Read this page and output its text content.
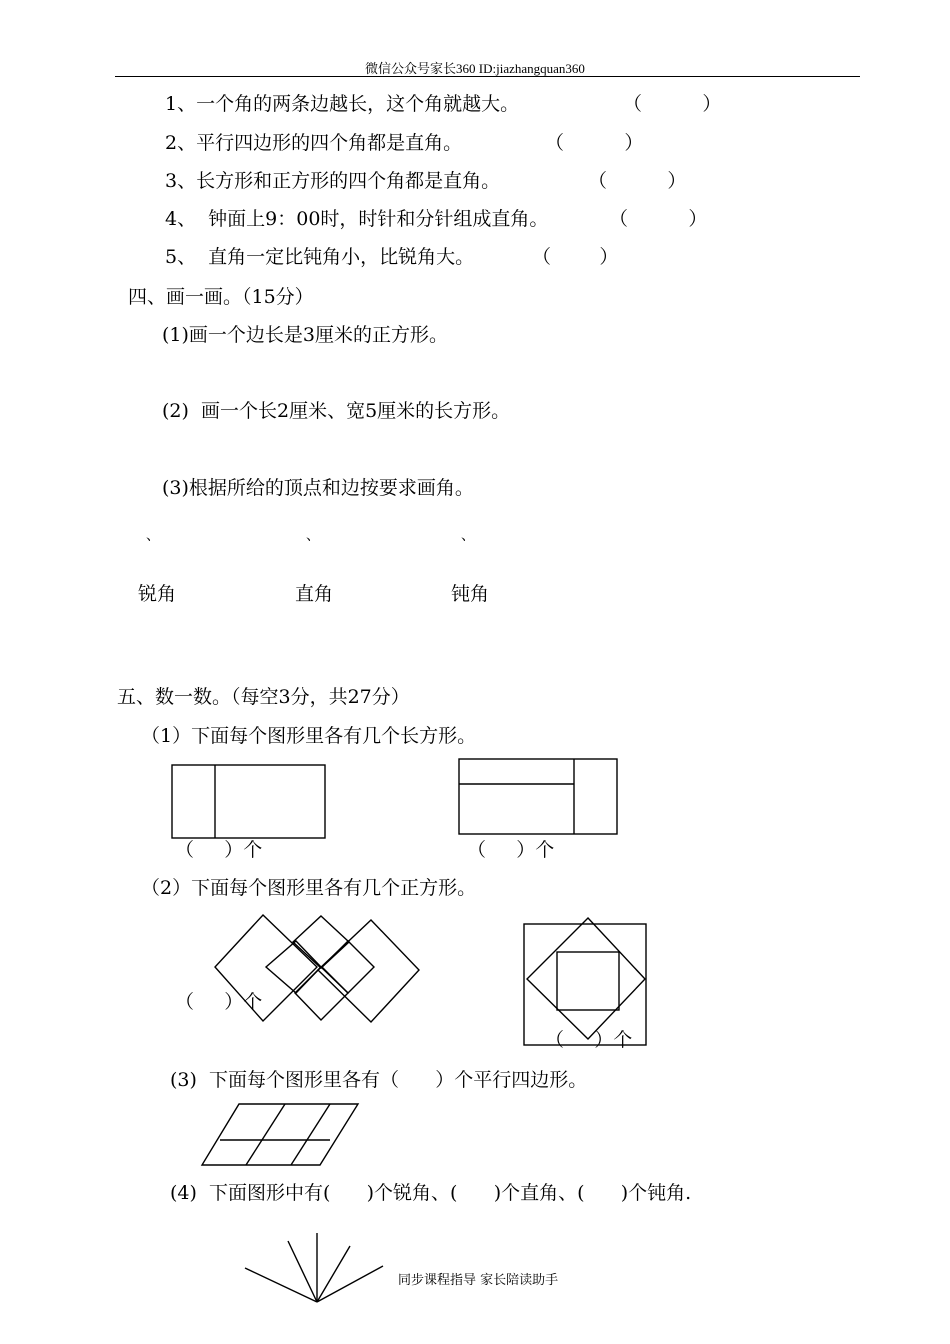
微信公众号家长360 ID:jiazhangquan360
1、一个角的两条边越长，这个角就越大。	（          ）
2、平行四边形的四个角都是直角。	（          ）
3、长方形和正方形的四个角都是直角。	（          ）
4、  钟面上9：00时，时针和分针组成直角。	（          ）
5、  直角一定比钝角小，比锐角大。	（        ）
四、画一画。（15分）
(1)画一个边长是3厘米的正方形。
(2)  画一个长2厘米、宽5厘米的长方形。
(3)根据所给的顶点和边按要求画角。
、	、	、
锐角	直角	钝角
五、数一数。（每空3分，共27分）
（1）下面每个图形里各有几个长方形。
（     ）个	（     ）个
（2）下面每个图形里各有几个正方形。
（     ）个
（     ）个
(3)  下面每个图形里各有（      ）个平行四边形。
(4)  下面图形中有(      )个锐角、(      )个直角、(      )个钝角.
同步课程指导 家长陪读助手
